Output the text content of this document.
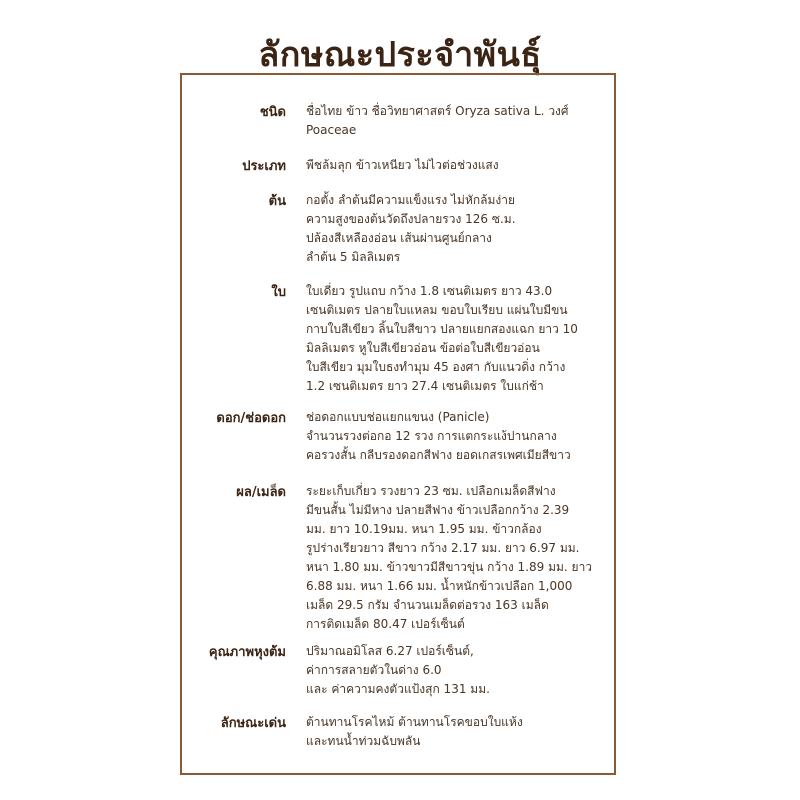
ลักษณะประจำพันธุ์
ชนิด ชื่อไทย ข้าว ชื่อวิทยาศาสตร์ Oryza sativa L. วงศ์
Poaceae
ประเภท พืชล้มลุก ข้าวเหนียว ไม่ไวต่อช่วงแสง
ต้น กอตั้ง ลำต้นมีความแข็งแรง ไม่หักล้มง่าย
ความสูงของต้นวัดถึงปลายรวง 126 ซ.ม.
ปล้องสีเหลืองอ่อน เส้นผ่านศูนย์กลาง
ลำต้น 5 มิลลิเมตร
ใบ ใบเดี่ยว รูปแถบ กว้าง 1.8 เซนติเมตร ยาว 43.0
เซนติเมตร ปลายใบแหลม ขอบใบเรียบ แผ่นใบมีขน
กาบใบสีเขียว ลิ้นใบสีขาว ปลายแยกสองแฉก ยาว 10
มิลลิเมตร หูใบสีเขียวอ่อน ข้อต่อใบสีเขียวอ่อน
ใบสีเขียว มุมใบธงทำมุม 45 องศา กับแนวดิ่ง กว้าง
1.2 เซนติเมตร ยาว 27.4 เซนติเมตร ใบแก่ช้า
ดอก/ช่อดอก ช่อดอกแบบช่อแยกแขนง (Panicle)
จำนวนรวงต่อกอ 12 รวง การแตกระแง้ปานกลาง
คอรวงสั้น กลีบรองดอกสีฟาง ยอดเกสรเพศเมียสีขาว
ผล/เมล็ด ระยะเก็บเกี่ยว รวงยาว 23 ซม. เปลือกเมล็ดสีฟาง
มีขนสั้น ไม่มีหาง ปลายสีฟาง ข้าวเปลือกกว้าง 2.39
มม. ยาว 10.19มม. หนา 1.95 มม. ข้าวกล้อง
รูปร่างเรียวยาว สีขาว กว้าง 2.17 มม. ยาว 6.97 มม.
หนา 1.80 มม. ข้าวขาวมีสีขาวขุ่น กว้าง 1.89 มม. ยาว
6.88 มม. หนา 1.66 มม. น้ำหนักข้าวเปลือก 1,000
เมล็ด 29.5 กรัม จำนวนเมล็ดต่อรวง 163 เมล็ด
การติดเมล็ด 80.47 เปอร์เซ็นต์
คุณภาพหุงต้ม ปริมาณอมิโลส 6.27 เปอร์เซ็นต์,
ค่าการสลายตัวในด่าง 6.0
และ ค่าความคงตัวแป้งสุก 131 มม.
ลักษณะเด่น ต้านทานโรคไหม้ ต้านทานโรคขอบใบแห้ง
และทนน้ำท่วมฉับพลัน
